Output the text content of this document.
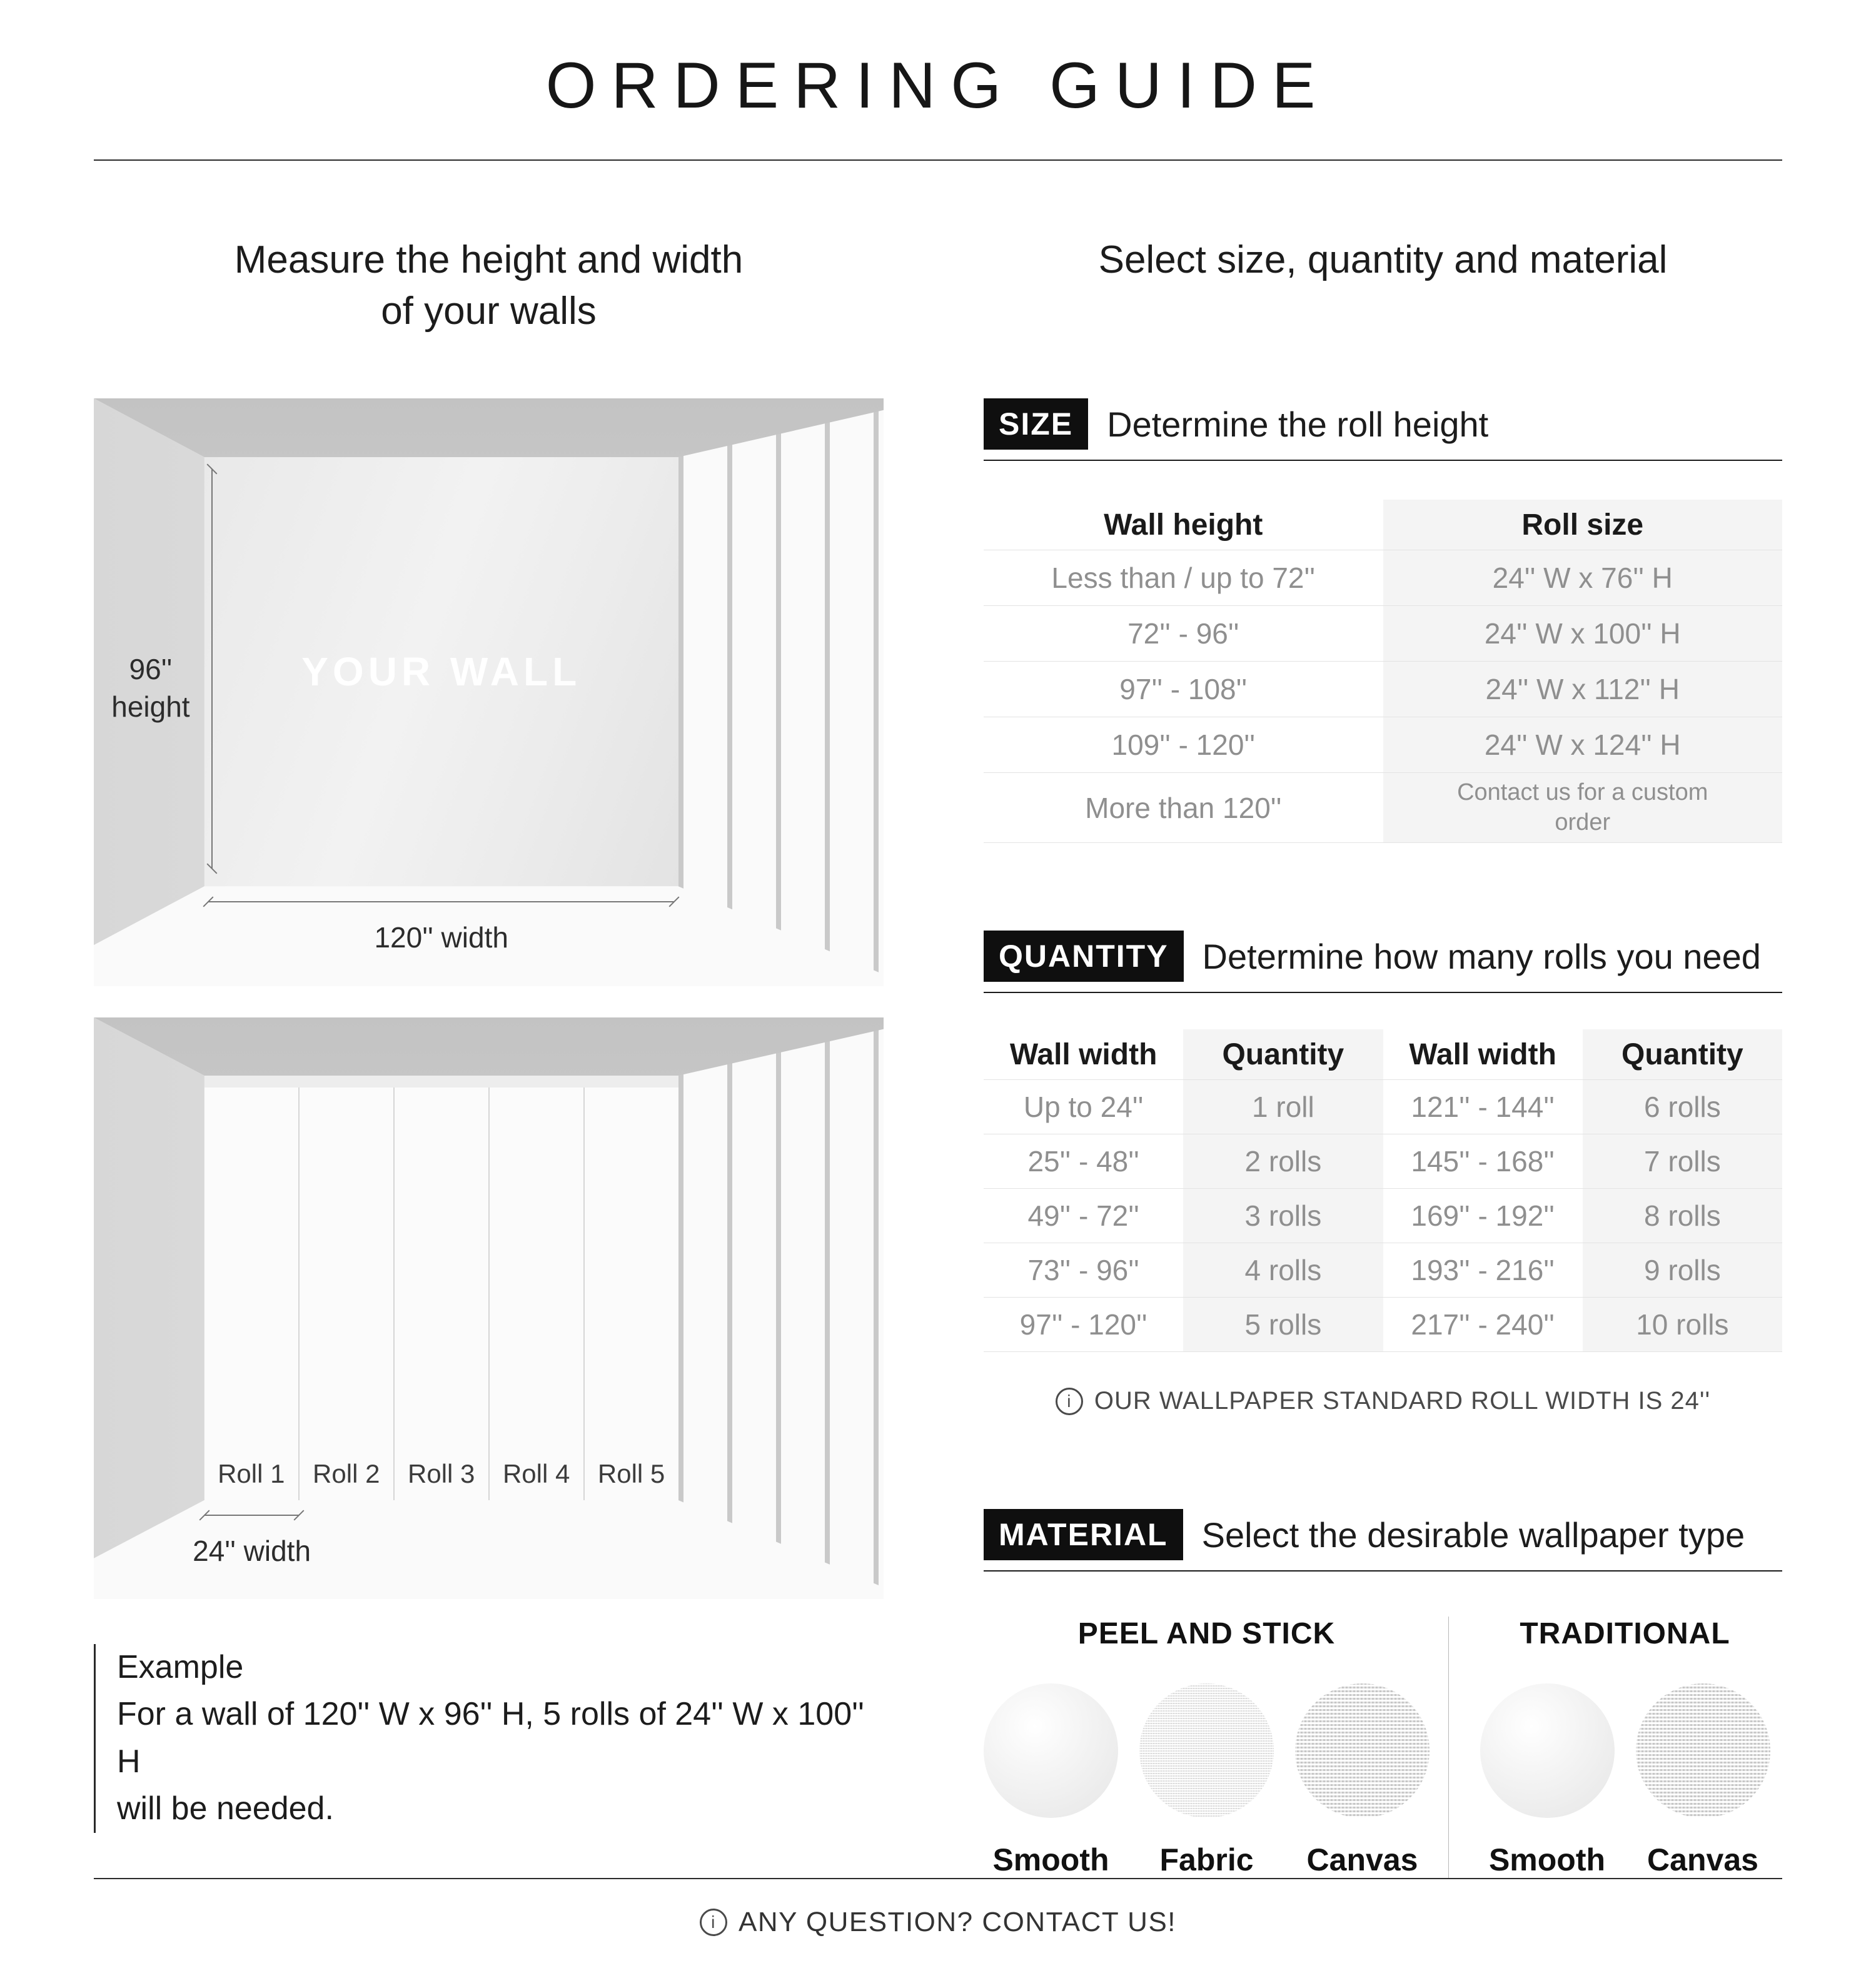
ORDERING GUIDE
Measure the height and width
of your walls
YOUR WALL
96''
height
120'' width
Roll 1 Roll 2 Roll 3 Roll 4 Roll 5
24'' width
Example
For a wall of 120'' W x 96'' H, 5 rolls of 24'' W x 100'' H
will be needed.
Select size, quantity and material
SIZE Determine the roll height
Wall height	Roll size
Less than / up to 72''	24'' W x 76'' H
72'' - 96''	24'' W x 100'' H
97'' - 108''	24'' W x 112'' H
109'' - 120''	24'' W x 124'' H
More than 120''	Contact us for a custom order
QUANTITY Determine how many rolls you need
Wall width	Quantity	Wall width	Quantity
Up to 24''	1 roll	121'' - 144''	6 rolls
25'' - 48''	2 rolls	145'' - 168''	7 rolls
49'' - 72''	3 rolls	169'' - 192''	8 rolls
73'' - 96''	4 rolls	193'' - 216''	9 rolls
97'' - 120''	5 rolls	217'' - 240''	10 rolls
i OUR WALLPAPER STANDARD ROLL WIDTH IS 24''
MATERIAL Select the desirable wallpaper type
PEEL AND STICK
Smooth Fabric Canvas
TRADITIONAL
Smooth Canvas
i ANY QUESTION? CONTACT US!
